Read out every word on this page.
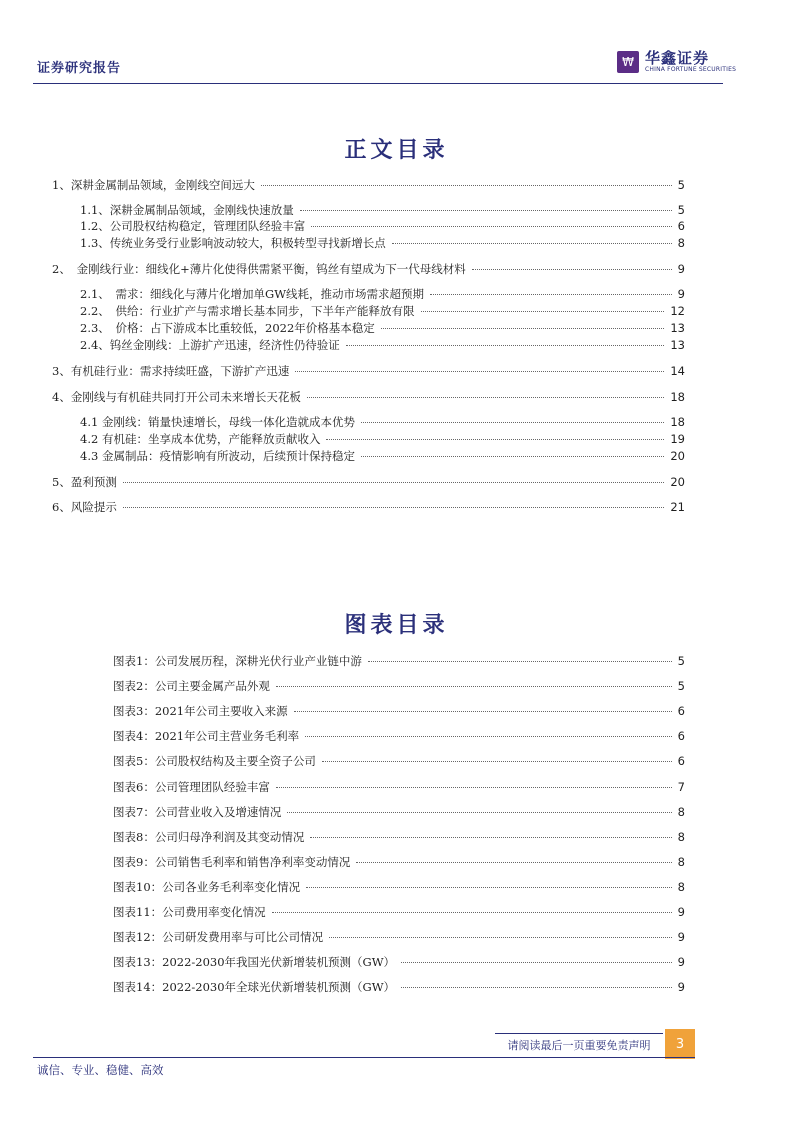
证券研究报告	₩ 华鑫证券
CHINA FORTUNE SECURITIES
正文目录
1、深耕金属制品领域，金刚线空间远大	5
1.1、深耕金属制品领域，金刚线快速放量	5
1.2、公司股权结构稳定，管理团队经验丰富	6
1.3、传统业务受行业影响波动较大，积极转型寻找新增长点	8
2、　金刚线行业：细线化+薄片化使得供需紧平衡，钨丝有望成为下一代母线材料	9
2.1、　需求：细线化与薄片化增加单GW线耗，推动市场需求超预期	9
2.2、　供给：行业扩产与需求增长基本同步，下半年产能释放有限	12
2.3、　价格：占下游成本比重较低，2022年价格基本稳定	13
2.4、钨丝金刚线：上游扩产迅速，经济性仍待验证	13
3、有机硅行业：需求持续旺盛，下游扩产迅速	14
4、金刚线与有机硅共同打开公司未来增长天花板	18
4.1 金刚线：销量快速增长，母线一体化造就成本优势	18
4.2 有机硅：坐享成本优势，产能释放贡献收入	19
4.3 金属制品：疫情影响有所波动，后续预计保持稳定	20
5、盈利预测	20
6、风险提示	21
图表目录
图表1：公司发展历程，深耕光伏行业产业链中游	5
图表2：公司主要金属产品外观	5
图表3：2021年公司主要收入来源	6
图表4：2021年公司主营业务毛利率	6
图表5：公司股权结构及主要全资子公司	6
图表6：公司管理团队经验丰富	7
图表7：公司营业收入及增速情况	8
图表8：公司归母净利润及其变动情况	8
图表9：公司销售毛利率和销售净利率变动情况	8
图表10：公司各业务毛利率变化情况	8
图表11：公司费用率变化情况	9
图表12：公司研发费用率与可比公司情况	9
图表13：2022-2030年我国光伏新增装机预测（GW）	9
图表14：2022-2030年全球光伏新增装机预测（GW）	9
请阅读最后一页重要免责声明	3
诚信、专业、稳健、高效
